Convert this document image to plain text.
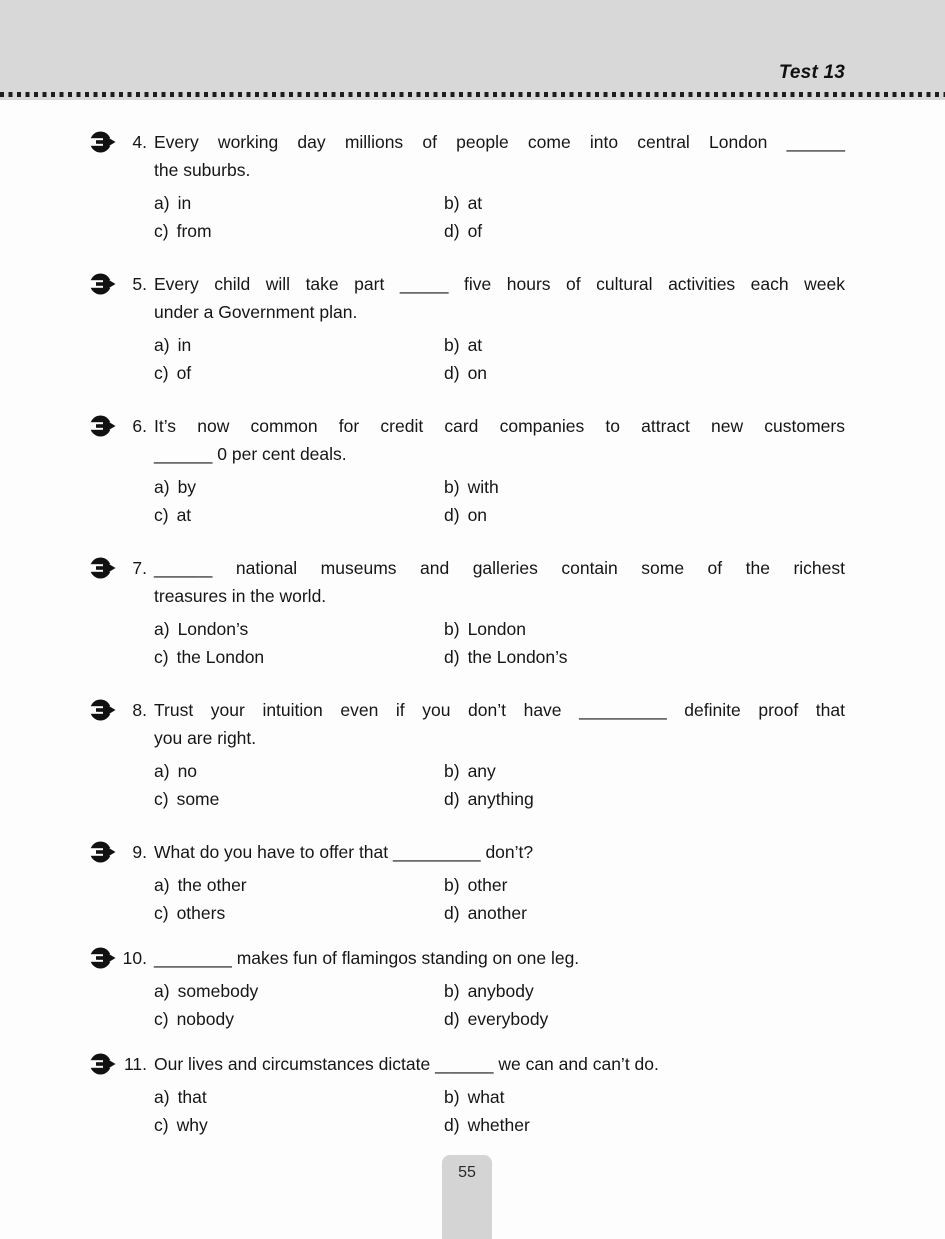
Test 13
4. Every working day millions of people come into central London ______
the suburbs.
a) in	b) at
c) from	d) of
5. Every child will take part _____ five hours of cultural activities each week
under a Government plan.
a) in	b) at
c) of	d) on
6. It’s now common for credit card companies to attract new customers
______ 0 per cent deals.
a) by	b) with
c) at	d) on
7. ______ national museums and galleries contain some of the richest
treasures in the world.
a) London’s	b) London
c) the London	d) the London’s
8. Trust your intuition even if you don’t have _________ definite proof that
you are right.
a) no	b) any
c) some	d) anything
9. What do you have to offer that _________ don’t?
a) the other	b) other
c) others	d) another
10. ________ makes fun of flamingos standing on one leg.
a) somebody	b) anybody
c) nobody	d) everybody
11. Our lives and circumstances dictate ______ we can and can’t do.
a) that	b) what
c) why	d) whether
55
